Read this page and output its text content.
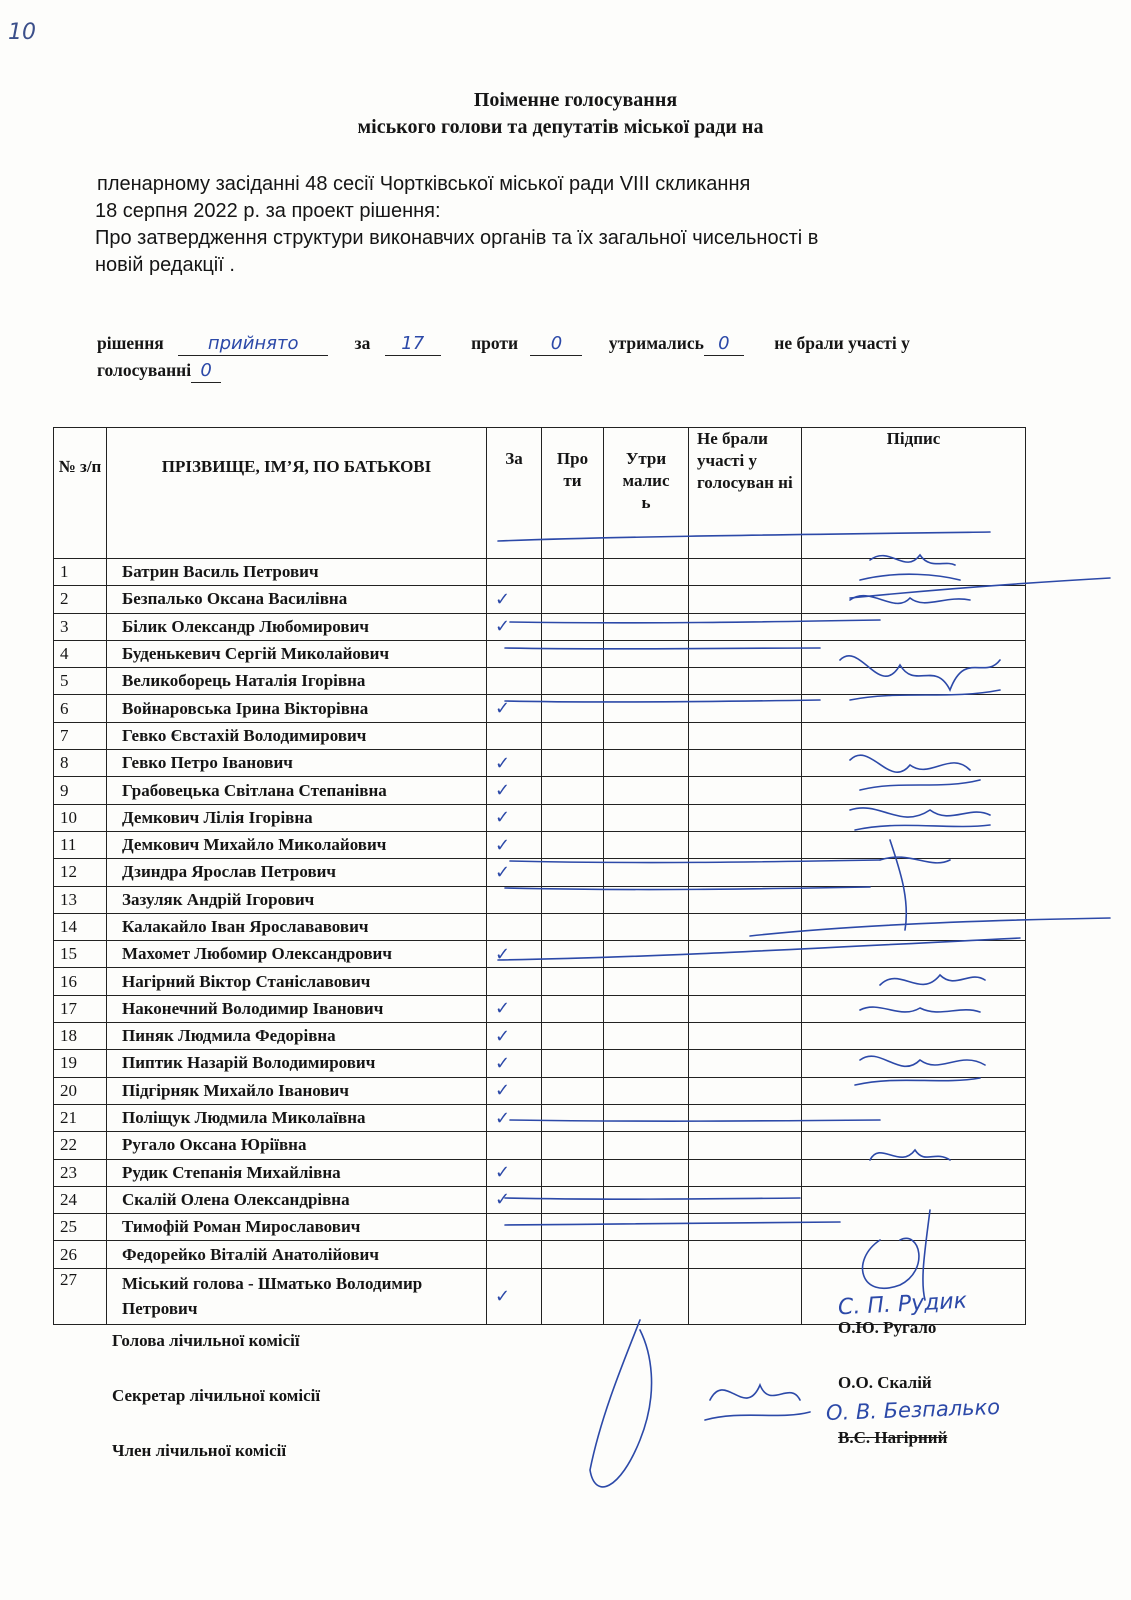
10
Поіменне голосування
міського голови та депутатів міської ради на
пленарному засіданні 48 сесії Чортківської міської ради VIII скликання
18 серпня 2022 р. за проект рішення:
Про затвердження структури виконавчих органів та їх загальної чисельності в
новій редакції .
рішення прийнято	за 17	проти 0	утримались 0	не брали участі у
голосуванні 0
№ з/п	ПРІЗВИЩЕ, ІМ’Я, ПО БАТЬКОВІ	За	Про ти	Утри малис ь	Не брали участі у голосуван ні	Підпис
1	Батрин Василь Петрович					
2	Безпалько Оксана Василівна	✓				
3	Білик Олександр Любомирович	✓				
4	Буденькевич Сергій Миколайович					
5	Великоборець Наталія Ігорівна					
6	Войнаровська Ірина Вікторівна	✓				
7	Гевко Євстахій Володимирович					
8	Гевко Петро Іванович	✓				
9	Грабовецька Світлана Степанівна	✓				
10	Демкович Лілія Ігорівна	✓				
11	Демкович Михайло Миколайович	✓				
12	Дзиндра Ярослав Петрович	✓				
13	Зазуляк Андрій Ігорович					
14	Калакайло Іван Ярослававович					
15	Махомет Любомир Олександрович	✓				
16	Нагірний Віктор Станіславович					
17	Наконечний Володимир Іванович	✓				
18	Пиняк Людмила Федорівна	✓				
19	Пиптик Назарій Володимирович	✓				
20	Підгірняк Михайло Іванович	✓				
21	Поліщук Людмила Миколаївна	✓				
22	Ругало Оксана Юріївна					
23	Рудик Степанія Михайлівна	✓				
24	Скалій Олена Олександрівна	✓				
25	Тимофій Роман Мирославович					
26	Федорейко Віталій Анатолійович					
27	Міський голова - Шматько Володимир Петрович	✓				
Голова лічильної комісії
Секретар лічильної комісії
Член лічильної комісії
О.Ю. Ругало
О.О. Скалій
В.С. Нагірний
С. П. Рудик
О. В. Безпалько
